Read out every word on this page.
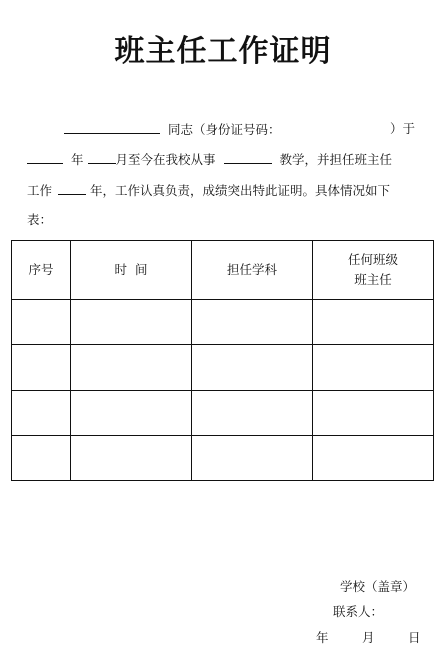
班主任工作证明
同志（身份证号码：	）于
年	月至今在我校从事	教学，并担任班主任
工作	年，工作认真负责，成绩突出特此证明。具体情况如下
表：
序号	时  间	担任学科	任何班级
班主任

学校（盖章）
联系人：
年	月	日
